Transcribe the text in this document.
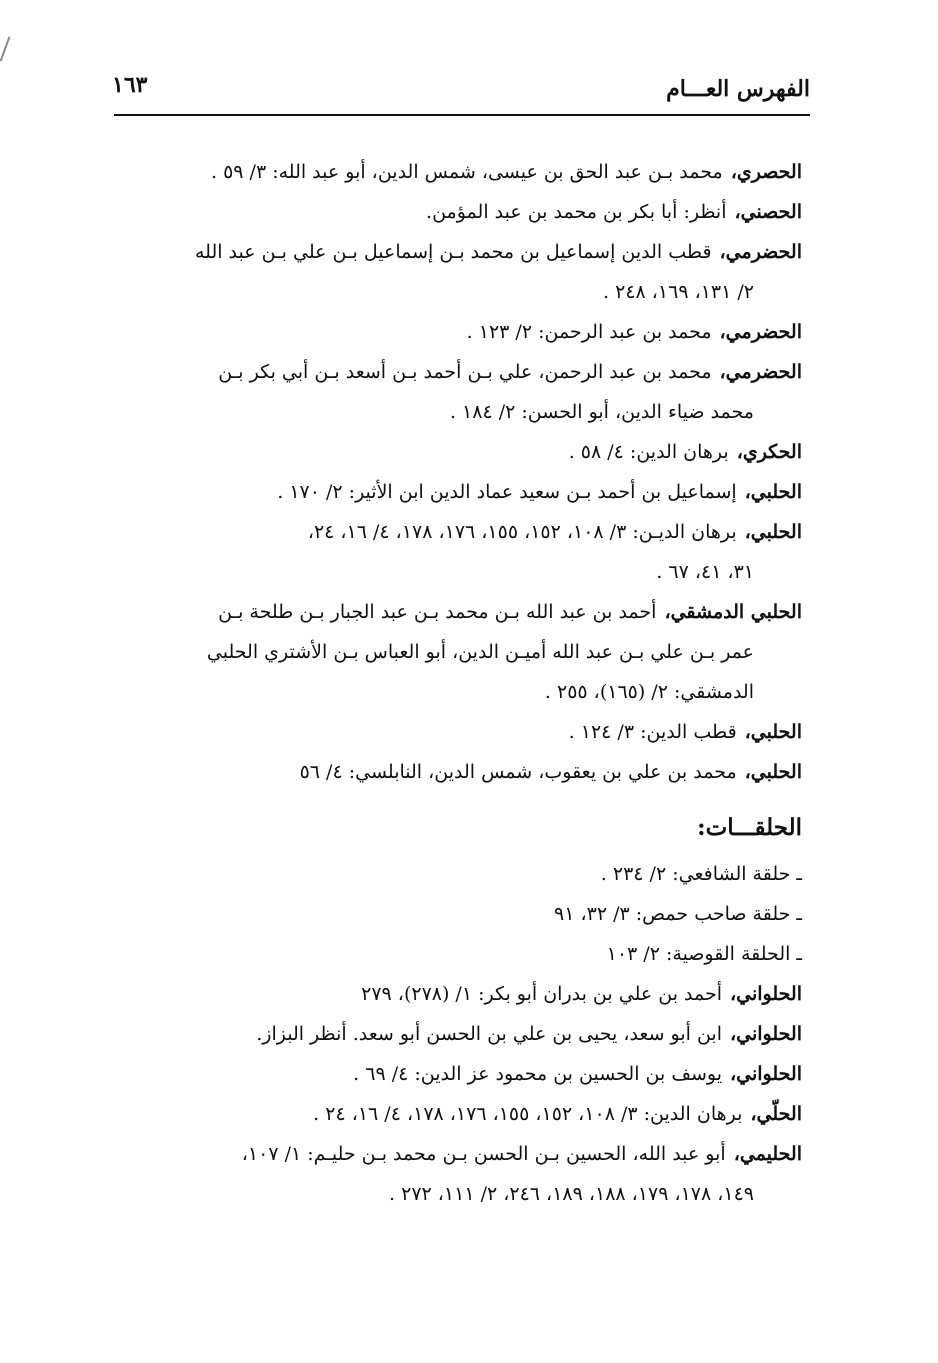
الفهرس العـــام
١٦٣
الحصري،محمد بـن عبد الحق بن عيسى، شمس الدين، أبو عبد الله: ٣/ ٥٩ .
الحصني،أنظر: أبا بكر بن محمد بن عبد المؤمن.
الحضرمي،قطب الدين إسماعيل بن محمد بـن إسماعيل بـن علي بـن عبد الله
٢/ ١٣١، ١٦٩، ٢٤٨ .
الحضرمي،محمد بن عبد الرحمن: ٢/ ١٢٣ .
الحضرمي،محمد بن عبد الرحمن، علي بـن أحمد بـن أسعد بـن أبي بكر بـن
محمد ضياء الدين، أبو الحسن: ٢/ ١٨٤ .
الحكري،برهان الدين: ٤/ ٥٨ .
الحلبي،إسماعيل بن أحمد بـن سعيد عماد الدين ابن الأثير: ٢/ ١٧٠ .
الحلبي،برهان الديـن: ٣/ ١٠٨، ١٥٢، ١٥٥، ١٧٦، ١٧٨، ٤/ ١٦، ٢٤،
٣١، ٤١، ٦٧ .
الحلبي الدمشقي،أحمد بن عبد الله بـن محمد بـن عبد الجبار بـن طلحة بـن
عمر بـن علي بـن عبد الله أميـن الدين، أبو العباس بـن الأشتري الحلبي
الدمشقي: ٢/ (١٦٥)، ٢٥٥ .
الحلبي،قطب الدين: ٣/ ١٢٤ .
الحلبي،محمد بن علي بن يعقوب، شمس الدين، النابلسي: ٤/ ٥٦
الحلقـــات:
ـ حلقة الشافعي: ٢/ ٢٣٤ .
ـ حلقة صاحب حمص: ٣/ ٣٢، ٩١
ـ الحلقة القوصية: ٢/ ١٠٣
الحلواني،أحمد بن علي بن بدران أبو بكر: ١/ (٢٧٨)، ٢٧٩
الحلواني،ابن أبو سعد، يحيى بن علي بن الحسن أبو سعد. أنظر البزاز.
الحلواني،يوسف بن الحسين بن محمود عز الدين: ٤/ ٦٩ .
الحلّي،برهان الدين: ٣/ ١٠٨، ١٥٢، ١٥٥، ١٧٦، ١٧٨، ٤/ ١٦، ٢٤ .
الحليمي،أبو عبد الله، الحسين بـن الحسن بـن محمد بـن حليـم: ١/ ١٠٧،
١٤٩، ١٧٨، ١٧٩، ١٨٨، ١٨٩، ٢٤٦، ٢/ ١١١، ٢٧٢ .
